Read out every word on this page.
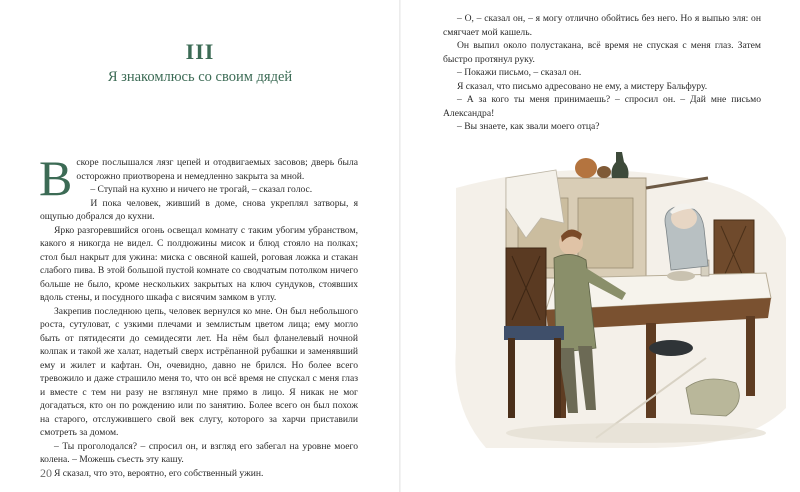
III
Я знакомлюсь со своим дядей

Вскоре послышался лязг цепей и отодвигаемых засовов; дверь была осторожно приотворена и немедленно закрыта за мной.

– Ступай на кухню и ничего не трогай, – сказал голос.

И пока человек, живший в доме, снова укреплял затворы, я ощупью добрался до кухни.

Ярко разгоревшийся огонь освещал комнату с таким убогим убранством, какого я никогда не видел. С полдюжины мисок и блюд стояло на полках; стол был накрыт для ужина: миска с овсяной кашей, роговая ложка и стакан слабого пива. В этой большой пустой комнате со сводчатым потолком ничего больше не было, кроме нескольких закрытых на ключ сундуков, стоявших вдоль стены, и посудного шкафа с висячим замком в углу.

Закрепив последнюю цепь, человек вернулся ко мне. Он был небольшого роста, сутуловат, с узкими плечами и землистым цветом лица; ему могло быть от пятидесяти до семидесяти лет. На нём был фланелевый ночной колпак и такой же халат, надетый сверх истрёпанной рубашки и заменявший ему и жилет и кафтан. Он, очевидно, давно не брился. Но более всего тревожило и даже страшило меня то, что он всё время не спускал с меня глаз и вместе с тем ни разу не взглянул мне прямо в лицо. Я никак не мог догадаться, кто он по рождению или по занятию. Более всего он был похож на старого, отслужившего свой век слугу, которого за харчи приставили смотреть за домом.

– Ты проголодался? – спросил он, и взгляд его забегал на уровне моего колена. – Можешь съесть эту кашу.

Я сказал, что это, вероятно, его собственный ужин.

20

– О, – сказал он, – я могу отлично обойтись без него. Но я выпью эля: он смягчает мой кашель.

Он выпил около полустакана, всё время не спуская с меня глаз. Затем быстро протянул руку.

– Покажи письмо, – сказал он.

Я сказал, что письмо адресовано не ему, а мистеру Бальфуру.

– А за кого ты меня принимаешь? – спросил он. – Дай мне письмо Александра!

– Вы знаете, как звали моего отца?
